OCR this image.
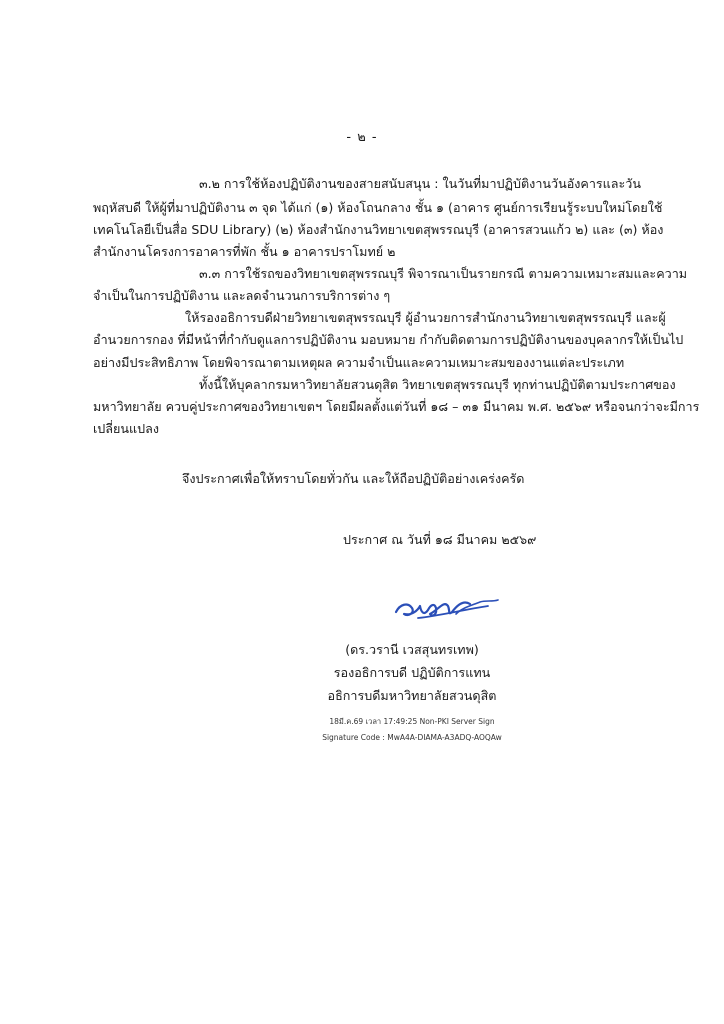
- ๒ -
๓.๒ การใช้ห้องปฏิบัติงานของสายสนับสนุน : ในวันที่มาปฏิบัติงานวันอังคารและวัน
พฤหัสบดี ให้ผู้ที่มาปฏิบัติงาน ๓ จุด ได้แก่ (๑) ห้องโถนกลาง ชั้น ๑ (อาคาร ศูนย์การเรียนรู้ระบบใหม่โดยใช้
เทคโนโลยีเป็นสื่อ SDU Library) (๒) ห้องสำนักงานวิทยาเขตสุพรรณบุรี (อาคารสวนแก้ว ๒) และ (๓) ห้อง
สำนักงานโครงการอาคารที่พัก ชั้น ๑ อาคารปราโมทย์ ๒
๓.๓ การใช้รถของวิทยาเขตสุพรรณบุรี พิจารณาเป็นรายกรณี ตามความเหมาะสมและความ
จำเป็นในการปฏิบัติงาน และลดจำนวนการบริการต่าง ๆ
ให้รองอธิการบดีฝ่ายวิทยาเขตสุพรรณบุรี ผู้อำนวยการสำนักงานวิทยาเขตสุพรรณบุรี และผู้
อำนวยการกอง ที่มีหน้าที่กำกับดูแลการปฏิบัติงาน มอบหมาย กำกับติดตามการปฏิบัติงานของบุคลากรให้เป็นไป
อย่างมีประสิทธิภาพ โดยพิจารณาตามเหตุผล ความจำเป็นและความเหมาะสมของงานแต่ละประเภท
ทั้งนี้ให้บุคลากรมหาวิทยาลัยสวนดุสิต วิทยาเขตสุพรรณบุรี ทุกท่านปฏิบัติตามประกาศของ
มหาวิทยาลัย ควบคู่ประกาศของวิทยาเขตฯ โดยมีผลตั้งแต่วันที่ ๑๘ – ๓๑ มีนาคม พ.ศ. ๒๕๖๙ หรือจนกว่าจะมีการ
เปลี่ยนแปลง
จึงประกาศเพื่อให้ทราบโดยทั่วกัน และให้ถือปฏิบัติอย่างเคร่งครัด
ประกาศ ณ วันที่ ๑๘ มีนาคม ๒๕๖๙
(ดร.วรานี เวสสุนทรเทพ)
รองอธิการบดี ปฏิบัติการแทน
อธิการบดีมหาวิทยาลัยสวนดุสิต
18มี.ค.69 เวลา 17:49:25 Non-PKI Server Sign
Signature Code : MwA4A-DIAMA-A3ADQ-AOQAw
